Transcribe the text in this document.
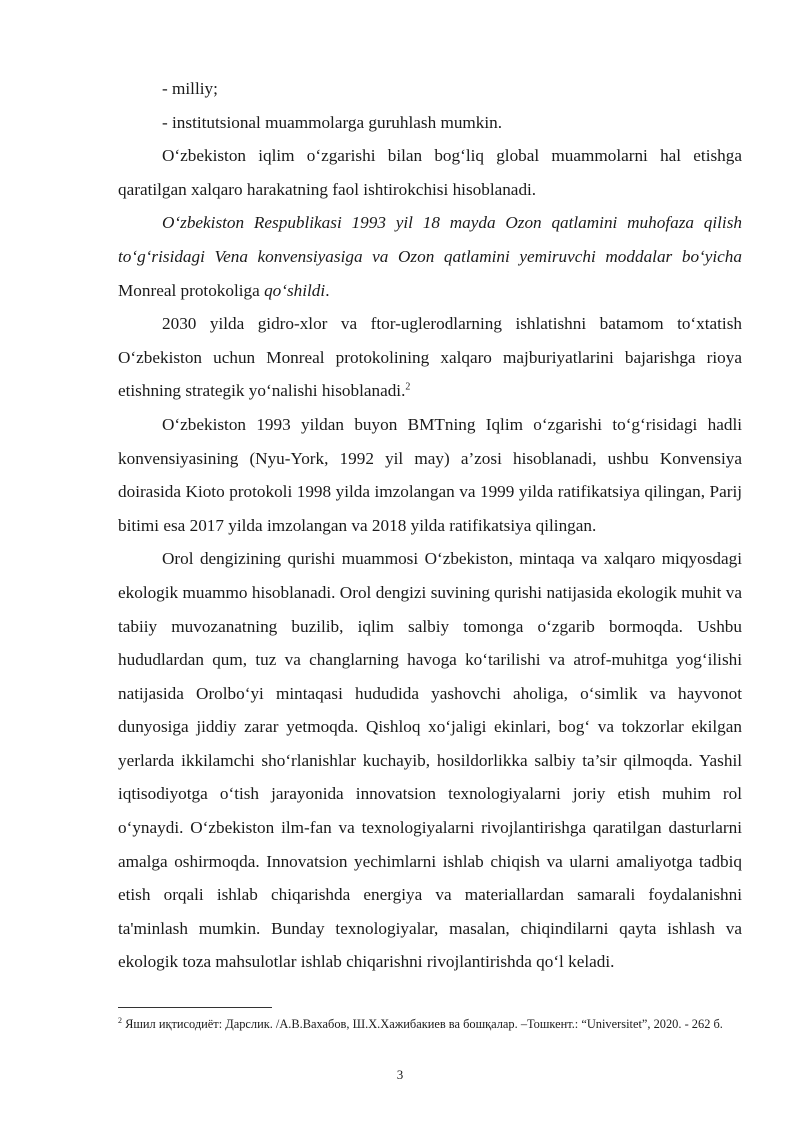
- milliy;

- institutsional muammolarga guruhlash mumkin.

O‘zbekiston iqlim o‘zgarishi bilan bog‘liq global muammolarni hal etishga qaratilgan xalqaro harakatning faol ishtirokchisi hisoblanadi.

O‘zbekiston Respublikasi 1993 yil 18 mayda Ozon qatlamini muhofaza qilish to‘g‘risidagi Vena konvensiyasiga va Ozon qatlamini yemiruvchi moddalar bo‘yicha Monreal protokoliga qo‘shildi.

2030 yilda gidro-xlor va ftor-uglerodlarning ishlatishni batamom to‘xtatish O‘zbekiston uchun Monreal protokolining xalqaro majburiyatlarini bajarishga rioya etishning strategik yo‘nalishi hisoblanadi.$^2$

O‘zbekiston 1993 yildan buyon BMTning Iqlim o‘zgarishi to‘g‘risidagi hadli konvensiyasining (Nyu-York, 1992 yil may) a’zosi hisoblanadi, ushbu Konvensiya doirasida Kioto protokoli 1998 yilda imzolangan va 1999 yilda ratifikatsiya qilingan, Parij bitimi esa 2017 yilda imzolangan va 2018 yilda ratifikatsiya qilingan.

Orol dengizining qurishi muammosi O‘zbekiston, mintaqa va xalqaro miqyosdagi ekologik muammo hisoblanadi. Orol dengizi suvining qurishi natijasida ekologik muhit va tabiiy muvozanatning buzilib, iqlim salbiy tomonga o‘zgarib bormoqda. Ushbu hududlardan qum, tuz va changlarning havoga ko‘tarilishi va atrof-muhitga yog‘ilishi natijasida Orolbo‘yi mintaqasi hududida yashovchi aholiga, o‘simlik va hayvonot dunyosiga jiddiy zarar yetmoqda. Qishloq xo‘jaligi ekinlari, bog‘ va tokzorlar ekilgan yerlarda ikkilamchi sho‘rlanishlar kuchayib, hosildorlikka salbiy ta’sir qilmoqda. Yashil iqtisodiyotga o‘tish jarayonida innovatsion texnologiyalarni joriy etish muhim rol o‘ynaydi. O‘zbekiston ilm-fan va texnologiyalarni rivojlantirishga qaratilgan dasturlarni amalga oshirmoqda. Innovatsion yechimlarni ishlab chiqish va ularni amaliyotga tadbiq etish orqali ishlab chiqarishda energiya va materiallardan samarali foydalanishni ta'minlash mumkin. Bunday texnologiyalar, masalan, chiqindilarni qayta ishlash va ekologik toza mahsulotlar ishlab chiqarishni rivojlantirishda qo‘l keladi.

$^2$ Яшил иқтисодиёт: Дарслик. /А.В.Вахабов, Ш.Х.Хажибакиев ва бошқалар. –Тошкент.: “Universitet”, 2020. - 262 б.
3
